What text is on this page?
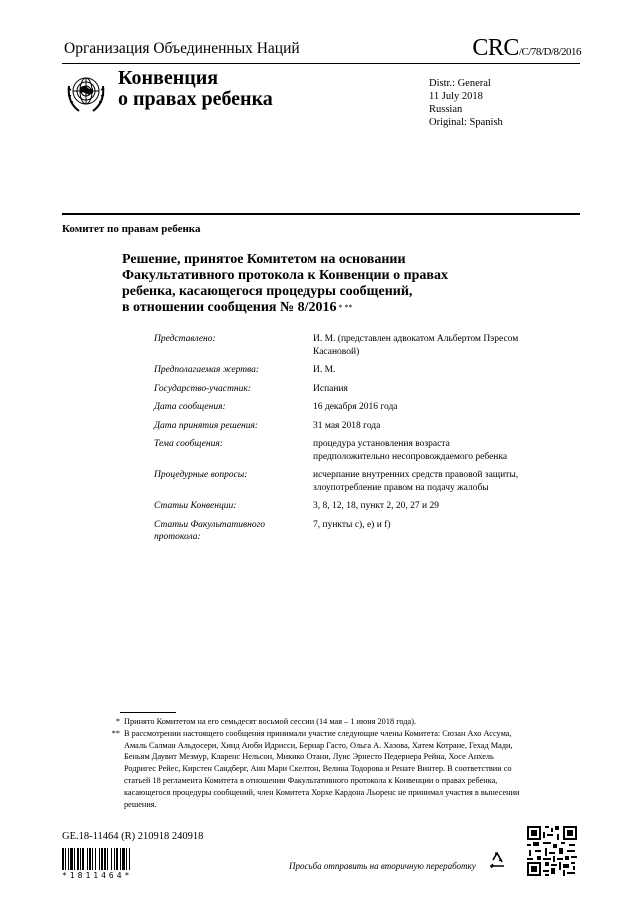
Организация Объединенных Наций	CRC/C/78/D/8/2016
Конвенция
о правах ребенка
Distr.: General
11 July 2018
Russian
Original: Spanish
Комитет по правам ребенка
Решение, принятое Комитетом на основании
Факультативного протокола к Конвенции о правах
ребенка, касающегося процедуры сообщений,
в отношении сообщения № 8/2016 * **
Представлено:	И. М. (представлен адвокатом Альбертом Пэресом Касановой)
Предполагаемая жертва:	И. М.
Государство-участник:	Испания
Дата сообщения:	16 декабря 2016 года
Дата принятия решения:	31 мая 2018 года
Тема сообщения:	процедура установления возраста предположительно несопровождаемого ребенка
Процедурные вопросы:	исчерпание внутренних средств правовой защиты, злоупотребление правом на подачу жалобы
Статьи Конвенции:	3, 8, 12, 18, пункт 2, 20, 27 и 29
Статьи Факультативного протокола:
7, пункты c), e) и f)
* Принято Комитетом на его семьдесят восьмой сессии (14 мая – 1 июня 2018 года).
** В рассмотрении настоящего сообщения принимали участие следующие члены Комитета: Сюзан Ахо Ассума, Амаль Салман Альдосери, Хинд Аюби Идрисси, Бернар Гасто, Ольга А. Хазова, Хатем Котране, Гехад Мади, Беньям Даувит Мезмур, Кларенс Нельсон, Микико Отани, Луис Эрнесто Педернера Рейна, Хосе Анхель Родригес Рейес, Кирстен Сандберг, Анн Мари Скелтон, Велина Тодорова и Ренате Винтер. В соответствии со статьей 18 регламента Комитета в отношении Факультативного протокола к Конвенции о правах ребенка, касающегося процедуры сообщений, член Комитета Хорхе Кардона Льоренс не принимал участия в вынесении решения.
GE.18-11464 (R) 210918 240918
*1811464*
Просьба отправить на вторичную переработку
